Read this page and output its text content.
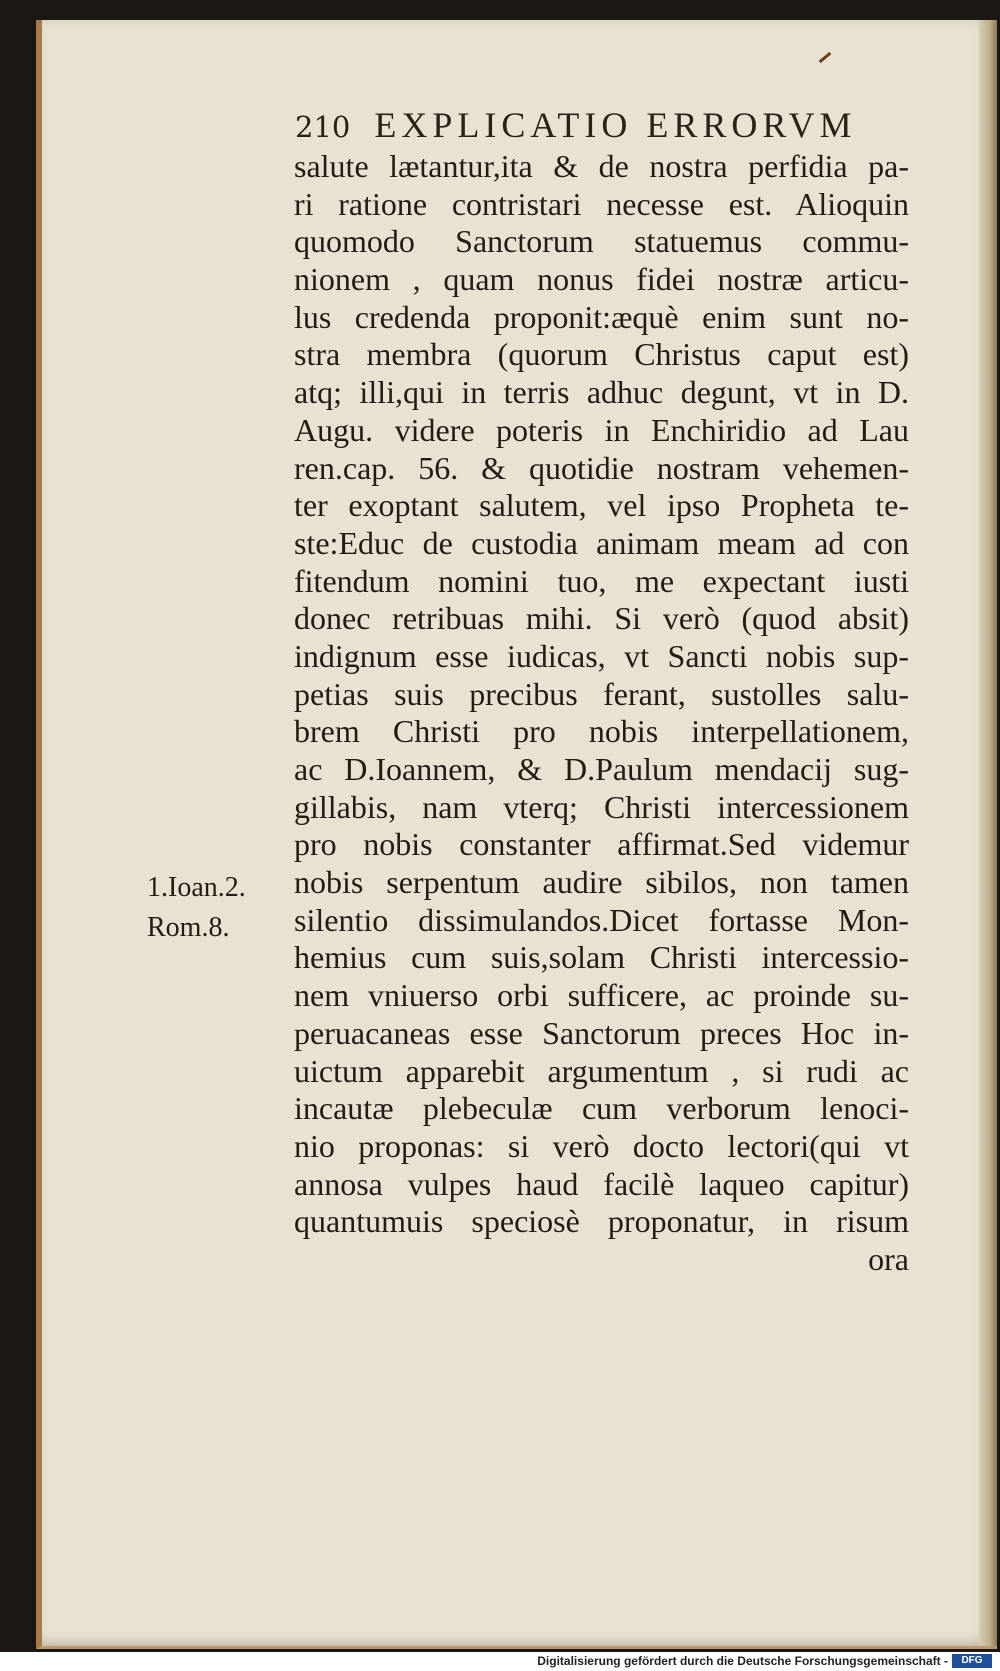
210 EXPLICATIO ERRORVM
salute lætantur,ita & de nostra perfidia pa-
ri ratione contristari necesse est. Alioquin
quomodo Sanctorum statuemus commu-
nionem , quam nonus fidei nostræ articu-
lus credenda proponit:æquè enim sunt no-
stra membra (quorum Christus caput est)
atq; illi,qui in terris adhuc degunt, vt in D.
Augu. videre poteris in Enchiridio ad Lau
ren.cap. 56. & quotidie nostram vehemen-
ter exoptant salutem, vel ipso Propheta te-
ste:Educ de custodia animam meam ad con
fitendum nomini tuo, me expectant iusti
donec retribuas mihi. Si verò (quod absit)
indignum esse iudicas, vt Sancti nobis sup-
petias suis precibus ferant, sustolles salu-
brem Christi pro nobis interpellationem,
ac D.Ioannem, & D.Paulum mendacij sug-
gillabis, nam vterq; Christi intercessionem
pro nobis constanter affirmat.Sed videmur
nobis serpentum audire sibilos, non tamen
silentio dissimulandos.Dicet fortasse Mon-
hemius cum suis,solam Christi intercessio-
nem vniuerso orbi sufficere, ac proinde su-
peruacaneas esse Sanctorum preces Hoc in-
uictum apparebit argumentum , si rudi ac
incautæ plebeculæ cum verborum lenoci-
nio proponas: si verò docto lectori(qui vt
annosa vulpes haud facilè laqueo capitur)
quantumuis speciosè proponatur, in risum
ora
1.Ioan.2.
Rom.8.
Digitalisierung gefördert durch die Deutsche Forschungsgemeinschaft -	DFG
